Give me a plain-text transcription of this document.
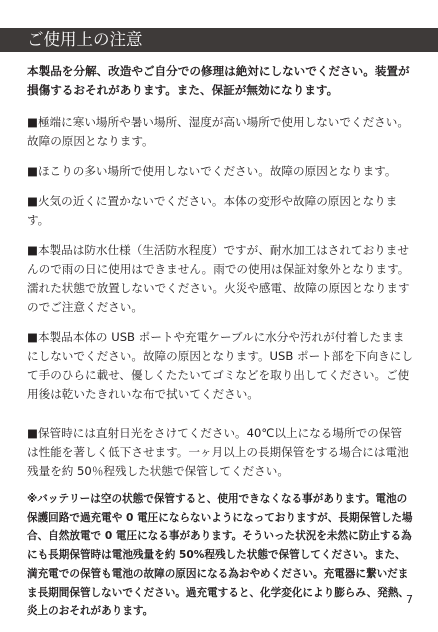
ご使用上の注意

本製品を分解、改造やご自分での修理は絶対にしないでください。装置が損傷するおそれがあります。また、保証が無効になります。

■極端に寒い場所や暑い場所、湿度が高い場所で使用しないでください。故障の原因となります。

■ほこりの多い場所で使用しないでください。故障の原因となります。

■火気の近くに置かないでください。本体の変形や故障の原因となります。

■本製品は防水仕様（生活防水程度）ですが、耐水加工はされておりませんので雨の日に使用はできません。雨での使用は保証対象外となります。濡れた状態で放置しないでください。火災や感電、故障の原因となりますのでご注意ください。

■本製品本体の USB ポートや充電ケーブルに水分や汚れが付着したままにしないでください。故障の原因となります。USB ポート部を下向きにして手のひらに載せ、優しくたたいてゴミなどを取り出してください。ご使用後は乾いたきれいな布で拭いてください。

■保管時には直射日光をさけてください。40℃以上になる場所での保管は性能を著しく低下させます。一ヶ月以上の長期保管をする場合には電池残量を約 50％程残した状態で保管してください。

※バッテリーは空の状態で保管すると、使用できなくなる事があります。電池の保護回路で過充電や 0 電圧にならないようになっておりますが、長期保管した場合、自然放電で 0 電圧になる事があります。そういった状況を未然に防止する為にも長期保管時は電池残量を約 50%程残した状態で保管してください。また、満充電での保管も電池の故障の原因になる為おやめください。充電器に繋いだまま長期間保管しないでください。過充電すると、化学変化により膨らみ、発熱、炎上のおそれがあります。

7
